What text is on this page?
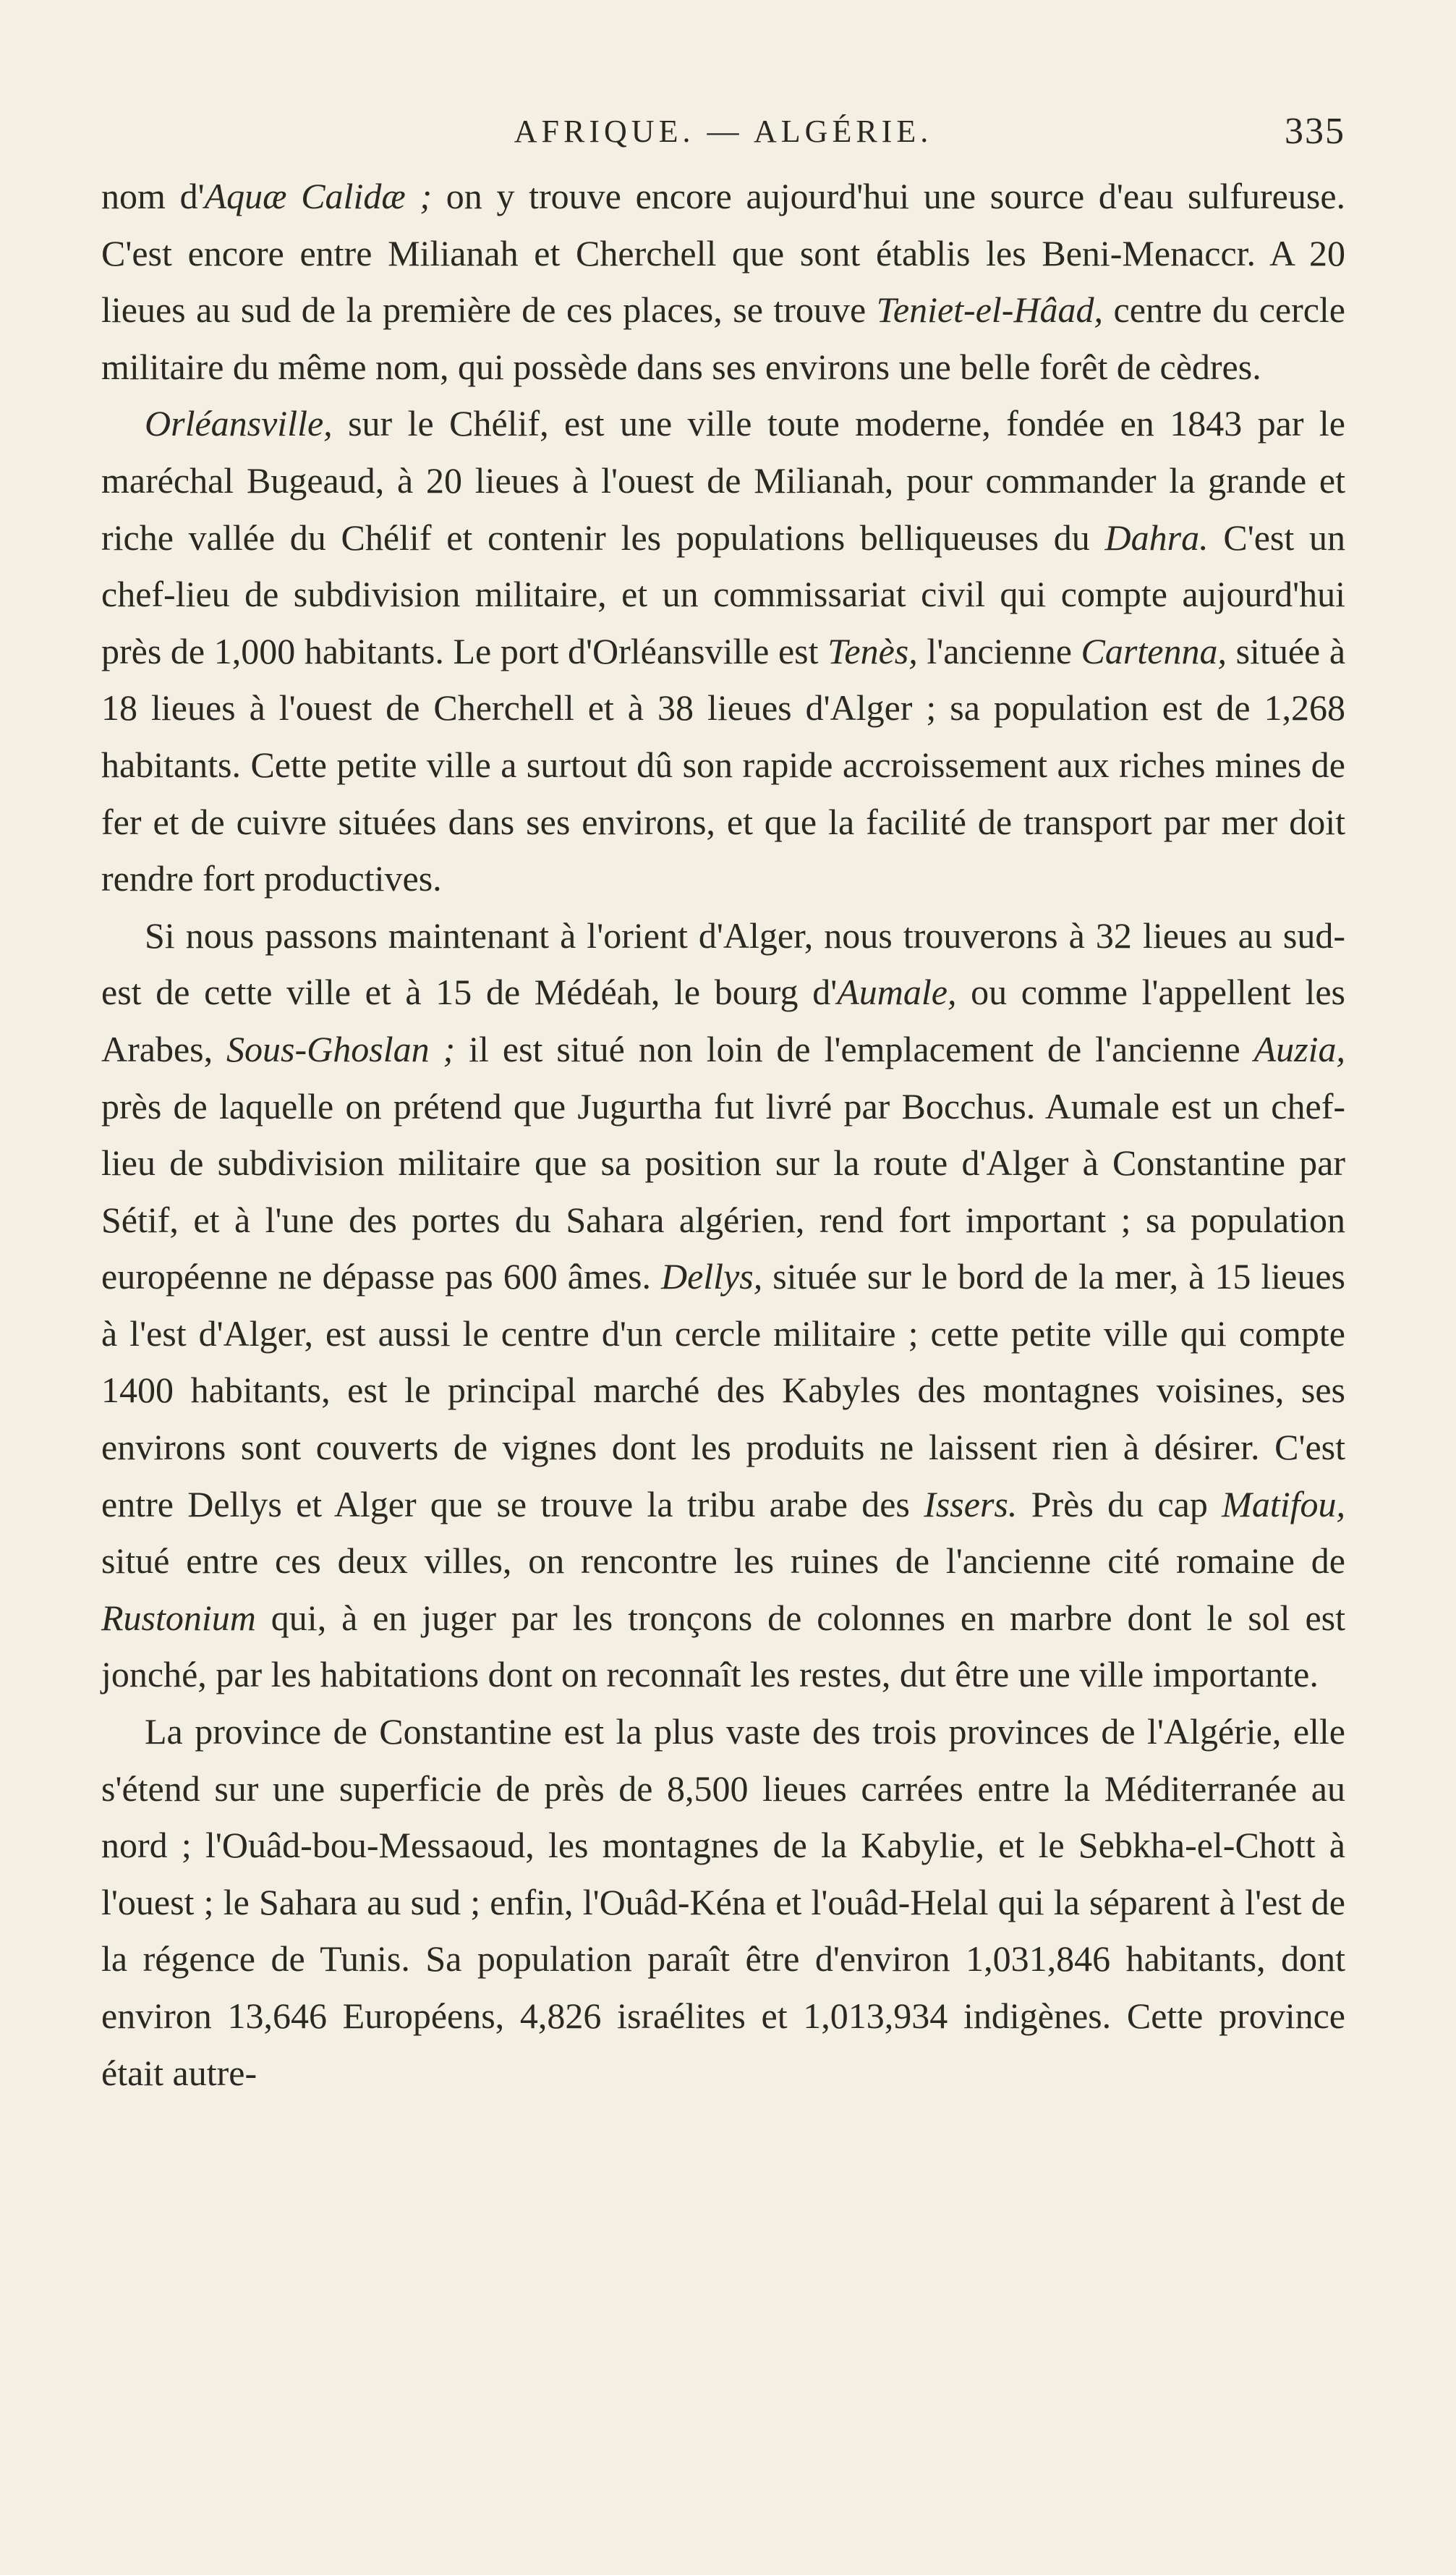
AFRIQUE. — ALGÉRIE.	335

nom d'Aquæ Calidæ ; on y trouve encore aujourd'hui une source d'eau sulfureuse. C'est encore entre Milianah et Cherchell que sont établis les Beni-Menaccr. A 20 lieues au sud de la première de ces places, se trouve Teniet-el-Hâad, centre du cercle militaire du même nom, qui possède dans ses environs une belle forêt de cèdres.

Orléansville, sur le Chélif, est une ville toute moderne, fondée en 1843 par le maréchal Bugeaud, à 20 lieues à l'ouest de Milianah, pour commander la grande et riche vallée du Chélif et contenir les populations belliqueuses du Dahra. C'est un chef-lieu de subdivision militaire, et un commissariat civil qui compte aujourd'hui près de 1,000 habitants. Le port d'Orléansville est Tenès, l'ancienne Cartenna, située à 18 lieues à l'ouest de Cherchell et à 38 lieues d'Alger ; sa population est de 1,268 habitants. Cette petite ville a surtout dû son rapide accroissement aux riches mines de fer et de cuivre situées dans ses environs, et que la facilité de transport par mer doit rendre fort productives.

Si nous passons maintenant à l'orient d'Alger, nous trouverons à 32 lieues au sud-est de cette ville et à 15 de Médéah, le bourg d'Aumale, ou comme l'appellent les Arabes, Sous-Ghoslan ; il est situé non loin de l'emplacement de l'ancienne Auzia, près de laquelle on prétend que Jugurtha fut livré par Bocchus. Aumale est un chef-lieu de subdivision militaire que sa position sur la route d'Alger à Constantine par Sétif, et à l'une des portes du Sahara algérien, rend fort important ; sa population européenne ne dépasse pas 600 âmes. Dellys, située sur le bord de la mer, à 15 lieues à l'est d'Alger, est aussi le centre d'un cercle militaire ; cette petite ville qui compte 1400 habitants, est le principal marché des Kabyles des montagnes voisines, ses environs sont couverts de vignes dont les produits ne laissent rien à désirer. C'est entre Dellys et Alger que se trouve la tribu arabe des Issers. Près du cap Matifou, situé entre ces deux villes, on rencontre les ruines de l'ancienne cité romaine de Rustonium qui, à en juger par les tronçons de colonnes en marbre dont le sol est jonché, par les habitations dont on reconnaît les restes, dut être une ville importante.

La province de Constantine est la plus vaste des trois provinces de l'Algérie, elle s'étend sur une superficie de près de 8,500 lieues carrées entre la Méditerranée au nord ; l'Ouâd-bou-Messaoud, les montagnes de la Kabylie, et le Sebkha-el-Chott à l'ouest ; le Sahara au sud ; enfin, l'Ouâd-Kéna et l'ouâd-Helal qui la séparent à l'est de la régence de Tunis. Sa population paraît être d'environ 1,031,846 habitants, dont environ 13,646 Européens, 4,826 israélites et 1,013,934 indigènes. Cette province était autre-
